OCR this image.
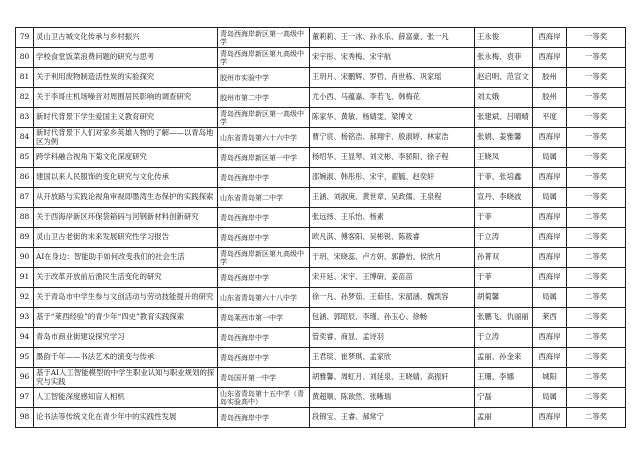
79	灵山卫古城文化传承与乡村振兴	青岛西海岸新区第一高级中学	董莉莉、王一冰、孙永乐、薛富豪、张一凡	王永俊	西海岸	一等奖
80	学校食堂饭菜浪费问题的研究与思考	青岛西海岸新区第九高级中学	宋宇彤、宋秀梅、宋宇航	张永梅、袁菲	西海岸	一等奖
81	关于利用废物制造活性炭的实验探究	胶州市实验中学	王玥月、宋鹏辉、罗哲、肖世栋、巩家瑶	赵启明、范宣文	胶州	一等奖
82	关于李哥庄机场噪音对周围居民影响的调查研究	胶州市第二中学	尤小西、马蕴嘉、李若飞、韩梅花	刘太娥	胶州	一等奖
83	新时代背景下学生爱国主义教育研究	青岛西海岸新区第一高级中学	陈家华、黄敏、杨婧雯、梁博文	张建斌、吕晴晴	平度	一等奖
84	新时代背景下人们对家乡英雄人物的了解——以青岛地区为例	山东省青岛第六十六中学	曹宁宸、杨铭浩、郝翔宇、殷淑婷、林家浩	张娟、姜雅馨	西海岸	一等奖
85	跨学科融合视角下菊文化深度研究	青岛西海岸新区第一中学	杨绍华、王显琴、刘文彬、李骄阳、徐子程	王晓凤	局属	一等奖
86	建国以来人民服饰的变化研究与文化传承	青岛西海岸中学	邵婉淑、韩彤彤、宋宇、翟毓、赵奕轩	于菲、张培鑫	西海岸	一等奖
87	从开放路与实践论视角审视即墨湾生态保护的实践探索	山东省青岛第二中学	王涵、刘淑庚、黄世章、吴政儒、王泉程	宣丹、李晓波	局属	一等奖
88	关于西海岸新区环保袋箱码与河钢新材料创新研究	青岛西海岸中学	张远扬、王乐怡、杨素	于菲	西海岸	二等奖
89	灵山卫古老街的未来发展研究性学习报告	青岛西海岸中学	欧凡淇、傅客阳、吴彬锐、陈筱睿	于立涛	西海岸	二等奖
90	AI在身边：智能助手如何改变我们的社会生活	青岛西海岸新区第九高级中学	于玥、宋晓蕊、卢方妍、郭静怡、侯欣月	孙菁双	西海岸	二等奖
91	关于改革开放前后渔民生活变化的研究	青岛西海岸中学	宋开延、宋宇、王博研、姜苗苗	于菲	西海岸	二等奖
92	关于青岛市中学生参与文创活动与劳动技能提升的研究	山东省青岛第六十八中学	徐一凡、孙梦茹、王茹佳、宋韶涵、魏凯容	胡菊馨	局属	二等奖
93	基于“莱西经验”的青少年“四史”教育实践探索	青岛莱西市第一中学	包涵、郭昭辰、李瑾、孙玉心、徐畅	张鹏飞、仇丽丽	莱西	二等奖
94	青岛市商业街建设探究学习	青岛西海岸中学	管奕睿、商显、孟诗羽	于立涛	西海岸	二等奖
95	墨韵千年——书法艺术的演变与传承	青岛西海岸中学	王君琰、崔梦琪、孟家欣	孟丽、孙金来	西海岸	二等奖
96	基于AI人工智能模型的中学生职业认知与职业规划的探究与实践	青岛国开第一中学	胡雅馨、周虹月、刘延泉、王晓婧、高振轩	王珊、李娜	城阳	二等奖
97	人工智能深度感知盲人相机	山东省青岛第十五中学（青岛实验高中）	黄超顺、陈欲然、张晰瑞	宁磊	局属	二等奖
98	论书法等传统文化在青少年中的实践性发展	青岛西海岸中学	段锦宝、王睿、郝常宁	孟丽	西海岸	二等奖
